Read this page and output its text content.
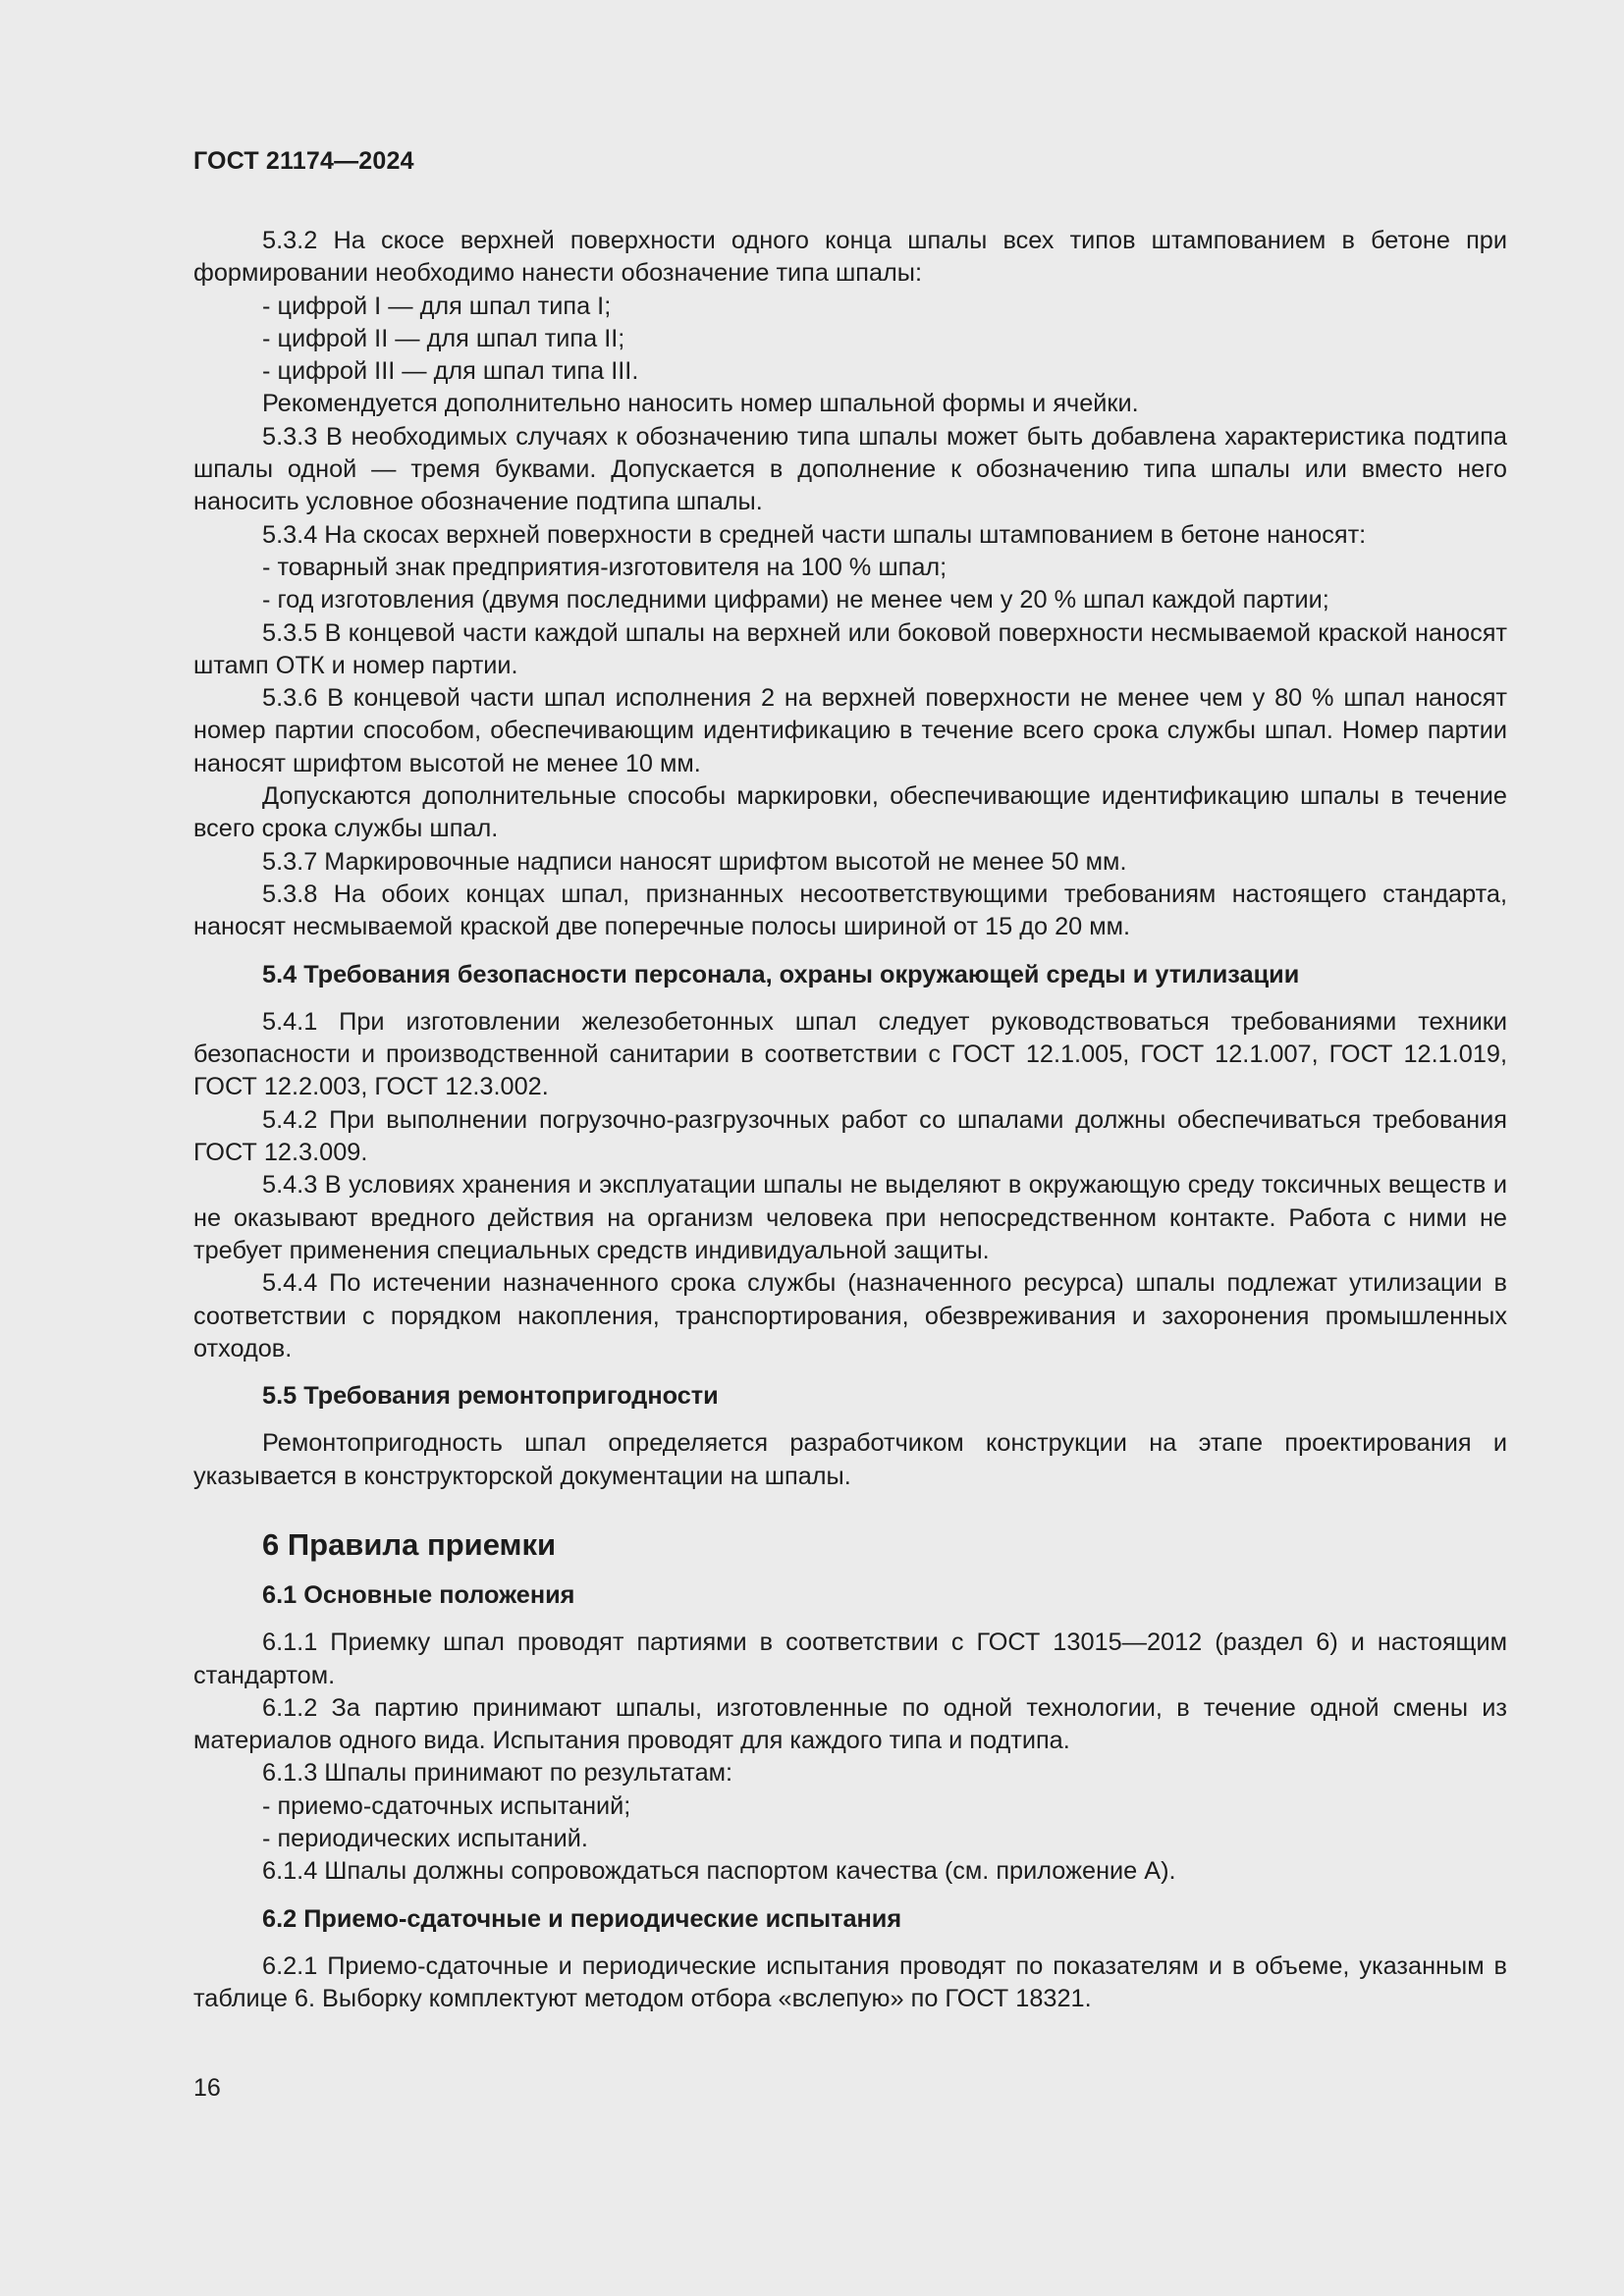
ГОСТ 21174—2024

5.3.2 На скосе верхней поверхности одного конца шпалы всех типов штампованием в бетоне при формировании необходимо нанести обозначение типа шпалы:

- цифрой I — для шпал типа I;

- цифрой II — для шпал типа II;

- цифрой III — для шпал типа III.

Рекомендуется дополнительно наносить номер шпальной формы и ячейки.

5.3.3 В необходимых случаях к обозначению типа шпалы может быть добавлена характеристика подтипа шпалы одной — тремя буквами. Допускается в дополнение к обозначению типа шпалы или вместо него наносить условное обозначение подтипа шпалы.

5.3.4 На скосах верхней поверхности в средней части шпалы штампованием в бетоне наносят:

- товарный знак предприятия-изготовителя на 100 % шпал;

- год изготовления (двумя последними цифрами) не менее чем у 20 % шпал каждой партии;

5.3.5 В концевой части каждой шпалы на верхней или боковой поверхности несмываемой краской наносят штамп ОТК и номер партии.

5.3.6 В концевой части шпал исполнения 2 на верхней поверхности не менее чем у 80 % шпал наносят номер партии способом, обеспечивающим идентификацию в течение всего срока службы шпал. Номер партии наносят шрифтом высотой не менее 10 мм.

Допускаются дополнительные способы маркировки, обеспечивающие идентификацию шпалы в течение всего срока службы шпал.

5.3.7 Маркировочные надписи наносят шрифтом высотой не менее 50 мм.

5.3.8 На обоих концах шпал, признанных несоответствующими требованиям настоящего стандарта, наносят несмываемой краской две поперечные полосы шириной от 15 до 20 мм.

5.4 Требования безопасности персонала, охраны окружающей среды и утилизации

5.4.1 При изготовлении железобетонных шпал следует руководствоваться требованиями техники безопасности и производственной санитарии в соответствии с ГОСТ 12.1.005, ГОСТ 12.1.007, ГОСТ 12.1.019, ГОСТ 12.2.003, ГОСТ 12.3.002.

5.4.2 При выполнении погрузочно-разгрузочных работ со шпалами должны обеспечиваться требования ГОСТ 12.3.009.

5.4.3 В условиях хранения и эксплуатации шпалы не выделяют в окружающую среду токсичных веществ и не оказывают вредного действия на организм человека при непосредственном контакте. Работа с ними не требует применения специальных средств индивидуальной защиты.

5.4.4 По истечении назначенного срока службы (назначенного ресурса) шпалы подлежат утилизации в соответствии с порядком накопления, транспортирования, обезвреживания и захоронения промышленных отходов.

5.5 Требования ремонтопригодности

Ремонтопригодность шпал определяется разработчиком конструкции на этапе проектирования и указывается в конструкторской документации на шпалы.

6 Правила приемки
6.1 Основные положения

6.1.1 Приемку шпал проводят партиями в соответствии с ГОСТ 13015—2012 (раздел 6) и настоящим стандартом.

6.1.2 За партию принимают шпалы, изготовленные по одной технологии, в течение одной смены из материалов одного вида. Испытания проводят для каждого типа и подтипа.

6.1.3 Шпалы принимают по результатам:

- приемо-сдаточных испытаний;

- периодических испытаний.

6.1.4 Шпалы должны сопровождаться паспортом качества (см. приложение А).

6.2 Приемо-сдаточные и периодические испытания

6.2.1 Приемо-сдаточные и периодические испытания проводят по показателям и в объеме, указанным в таблице 6. Выборку комплектуют методом отбора «вслепую» по ГОСТ 18321.

16
